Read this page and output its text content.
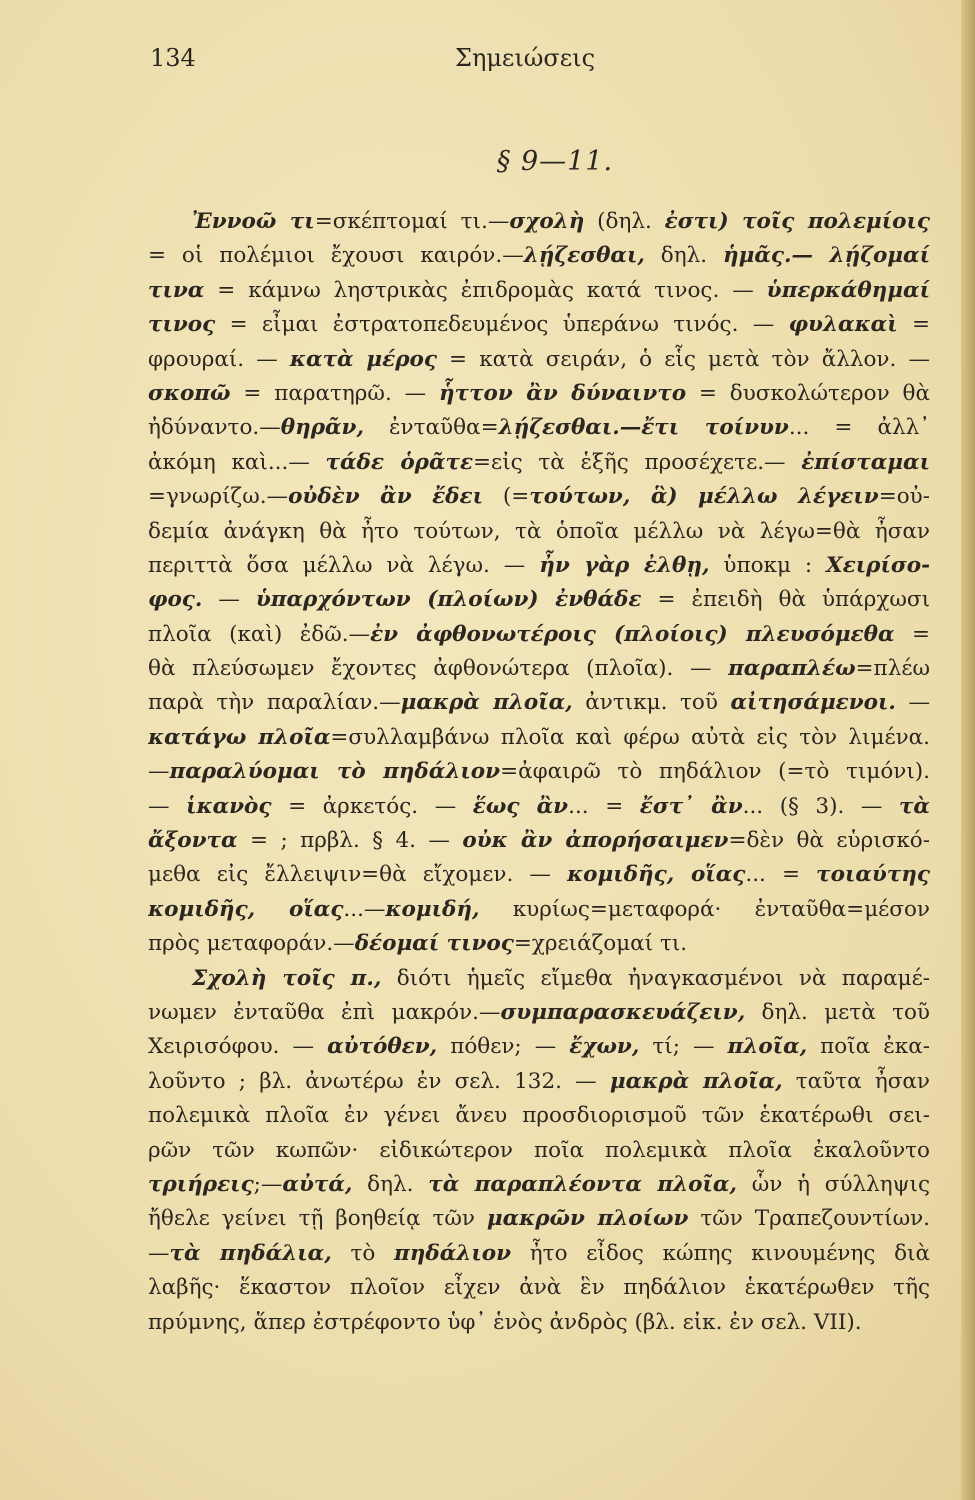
134	Σημειώσεις
§ 9—11.
Ἐννοῶ τι=σκέπτομαί τι.—σχολὴ (δηλ. ἐστι) τοῖς πολεμίοις
= οἱ πολέμιοι ἔχουσι καιρόν.—λῄζεσθαι, δηλ. ἡμᾶς.— λῄζομαί
τινα = κάμνω ληστρικὰς ἐπιδρομὰς κατά τινος. — ὑπερκάθημαί
τινος = εἶμαι ἐστρατοπεδευμένος ὑπεράνω τινός. — φυλακαὶ =
φρουραί. — κατὰ μέρος = κατὰ σειράν, ὁ εἷς μετὰ τὸν ἄλλον. —
σκοπῶ = παρατηρῶ. — ἧττον ἂν δύναιντο = δυσκολώτερον θὰ
ἠδύναντο.—θηρᾶν, ἐνταῦθα=λῄζεσθαι.—ἔτι τοίνυν... = ἀλλ᾽
ἀκόμη καὶ...— τάδε ὁρᾶτε=εἰς τὰ ἑξῆς προσέχετε.— ἐπίσταμαι
=γνωρίζω.—οὐδὲν ἂν ἔδει (=τούτων, ἃ) μέλλω λέγειν=οὐ-
δεμία ἀνάγκη θὰ ἦτο τούτων, τὰ ὁποῖα μέλλω νὰ λέγω=θὰ ἦσαν
περιττὰ ὅσα μέλλω νὰ λέγω. — ἦν γὰρ ἐλθῃ, ὑποκμ : Χειρίσο-
φος. — ὑπαρχόντων (πλοίων) ἐνθάδε = ἐπειδὴ θὰ ὑπάρχωσι
πλοῖα (καὶ) ἐδῶ.—ἐν ἀφθονωτέροις (πλοίοις) πλευσόμεθα =
θὰ πλεύσωμεν ἔχοντες ἀφθονώτερα (πλοῖα). — παραπλέω=πλέω
παρὰ τὴν παραλίαν.—μακρὰ πλοῖα, ἀντικμ. τοῦ αἰτησάμενοι. —
κατάγω πλοῖα=συλλαμβάνω πλοῖα καὶ φέρω αὐτὰ εἰς τὸν λιμένα.
—παραλύομαι τὸ πηδάλιον=ἀφαιρῶ τὸ πηδάλιον (=τὸ τιμόνι).
— ἱκανὸς = ἀρκετός. — ἕως ἂν... = ἔστ᾽ ἂν... (§ 3). — τὰ
ἄξοντα = ; πρβλ. § 4. — οὐκ ἂν ἀπορήσαιμεν=δὲν θὰ εὑρισκό-
μεθα εἰς ἔλλειψιν=θὰ εἴχομεν. — κομιδῆς, οἵας... = τοιαύτης
κομιδῆς, οἵας...—κομιδή, κυρίως=μεταφορά· ἐνταῦθα=μέσον
πρὸς μεταφοράν.—δέομαί τινος=χρειάζομαί τι.
Σχολὴ τοῖς π., διότι ἡμεῖς εἴμεθα ἠναγκασμένοι νὰ παραμέ-
νωμεν ἐνταῦθα ἐπὶ μακρόν.—συμπαρασκευάζειν, δηλ. μετὰ τοῦ
Χειρισόφου. — αὐτόθεν, πόθεν; — ἔχων, τί; — πλοῖα, ποῖα ἐκα-
λοῦντο ; βλ. ἀνωτέρω ἐν σελ. 132. — μακρὰ πλοῖα, ταῦτα ἦσαν
πολεμικὰ πλοῖα ἐν γένει ἄνευ προσδιορισμοῦ τῶν ἑκατέρωθι σει-
ρῶν τῶν κωπῶν· εἰδικώτερον ποῖα πολεμικὰ πλοῖα ἐκαλοῦντο
τριήρεις;—αὐτά, δηλ. τὰ παραπλέοντα πλοῖα, ὧν ἡ σύλληψις
ἤθελε γείνει τῇ βοηθείᾳ τῶν μακρῶν πλοίων τῶν Τραπεζουντίων.
—τὰ πηδάλια, τὸ πηδάλιον ἦτο εἶδος κώπης κινουμένης διὰ
λαβῆς· ἕκαστον πλοῖον εἶχεν ἀνὰ ἓν πηδάλιον ἑκατέρωθεν τῆς
πρύμνης, ἅπερ ἐστρέφοντο ὑφ᾽ ἑνὸς ἀνδρὸς (βλ. εἰκ. ἐν σελ. VII).
